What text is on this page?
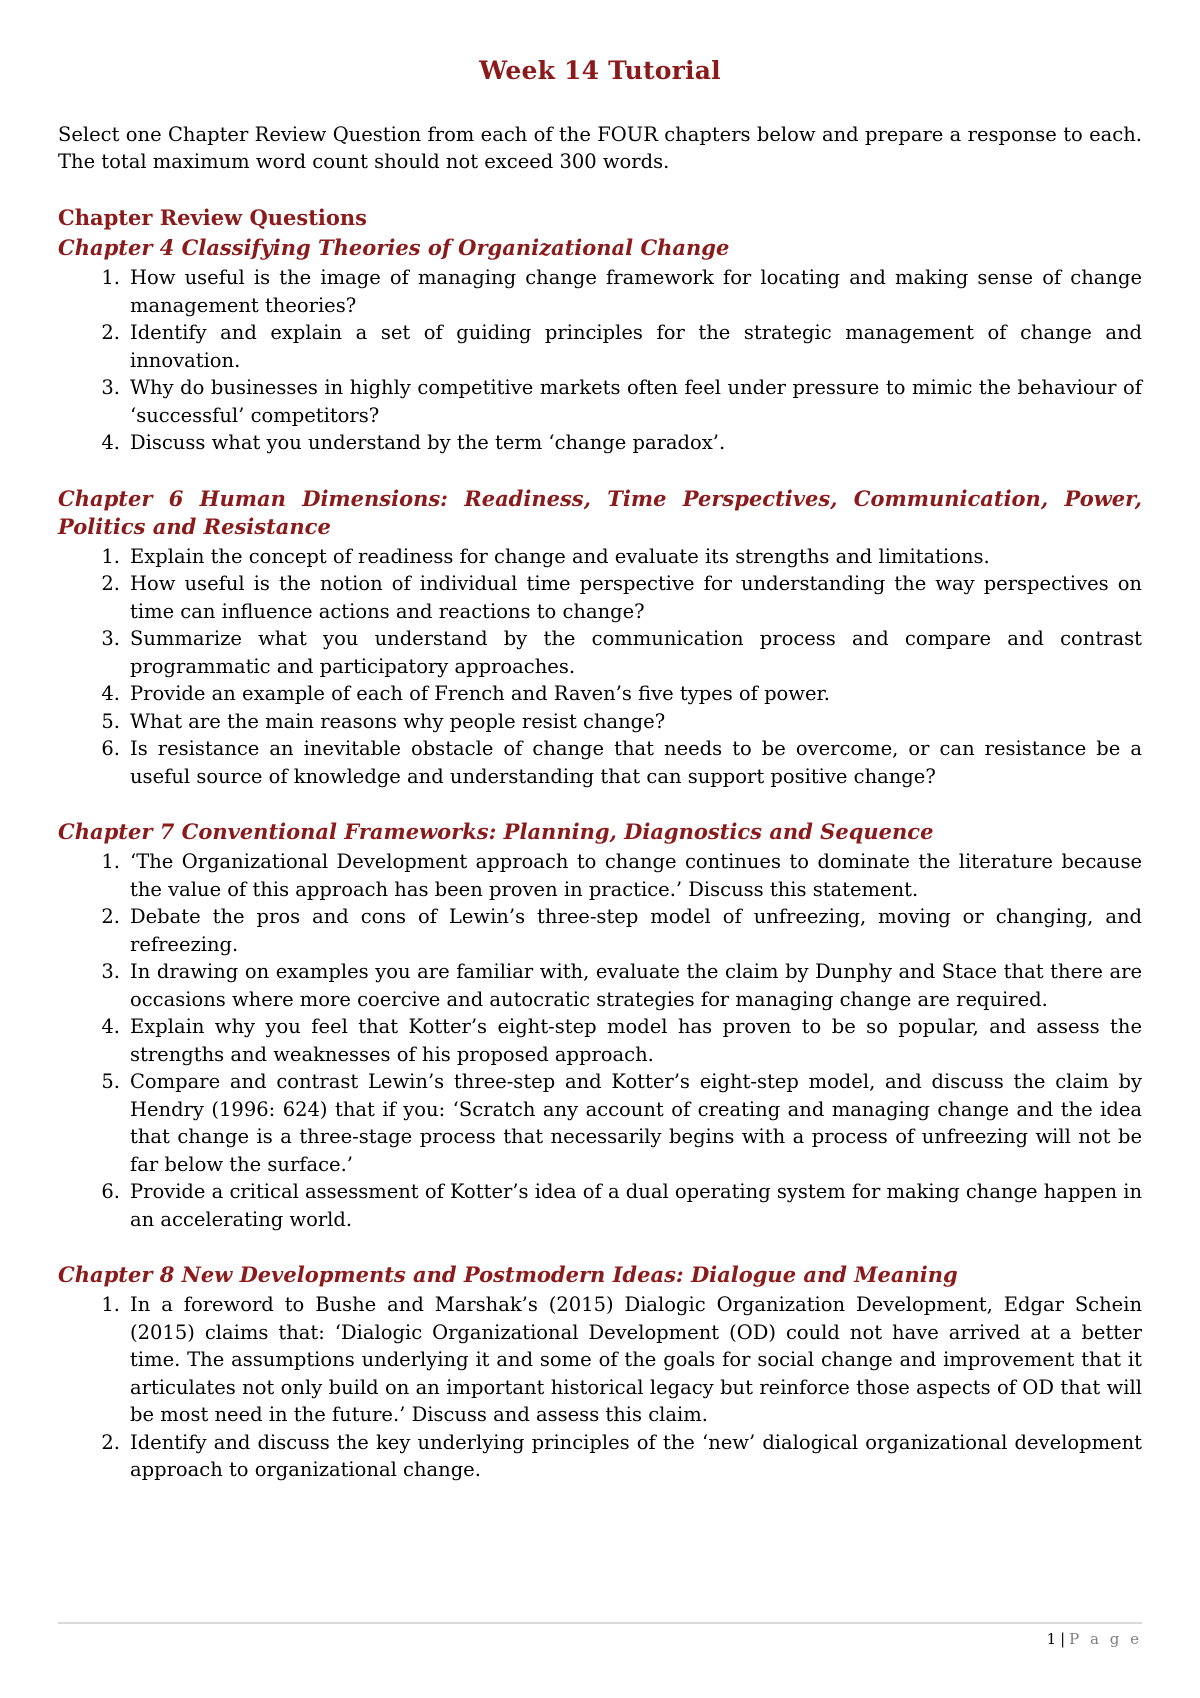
Week 14 Tutorial
Select one Chapter Review Question from each of the FOUR chapters below and prepare a response to each. The total maximum word count should not exceed 300 words.
Chapter Review Questions
Chapter 4 Classifying Theories of Organizational Change
1. How useful is the image of managing change framework for locating and making sense of change management theories?
2. Identify and explain a set of guiding principles for the strategic management of change and innovation.
3. Why do businesses in highly competitive markets often feel under pressure to mimic the behaviour of ‘successful’ competitors?
4. Discuss what you understand by the term ‘change paradox’.
Chapter 6 Human Dimensions: Readiness, Time Perspectives, Communication, Power, Politics and Resistance
1. Explain the concept of readiness for change and evaluate its strengths and limitations.
2. How useful is the notion of individual time perspective for understanding the way perspectives on time can influence actions and reactions to change?
3. Summarize what you understand by the communication process and compare and contrast programmatic and participatory approaches.
4. Provide an example of each of French and Raven’s five types of power.
5. What are the main reasons why people resist change?
6. Is resistance an inevitable obstacle of change that needs to be overcome, or can resistance be a useful source of knowledge and understanding that can support positive change?
Chapter 7 Conventional Frameworks: Planning, Diagnostics and Sequence
1. ‘The Organizational Development approach to change continues to dominate the literature because the value of this approach has been proven in practice.’ Discuss this statement.
2. Debate the pros and cons of Lewin’s three-step model of unfreezing, moving or changing, and refreezing.
3. In drawing on examples you are familiar with, evaluate the claim by Dunphy and Stace that there are occasions where more coercive and autocratic strategies for managing change are required.
4. Explain why you feel that Kotter’s eight-step model has proven to be so popular, and assess the strengths and weaknesses of his proposed approach.
5. Compare and contrast Lewin’s three-step and Kotter’s eight-step model, and discuss the claim by Hendry (1996: 624) that if you: ‘Scratch any account of creating and managing change and the idea that change is a three-stage process that necessarily begins with a process of unfreezing will not be far below the surface.’
6. Provide a critical assessment of Kotter’s idea of a dual operating system for making change happen in an accelerating world.
Chapter 8 New Developments and Postmodern Ideas: Dialogue and Meaning
1. In a foreword to Bushe and Marshak’s (2015) Dialogic Organization Development, Edgar Schein (2015) claims that: ‘Dialogic Organizational Development (OD) could not have arrived at a better time. The assumptions underlying it and some of the goals for social change and improvement that it articulates not only build on an important historical legacy but reinforce those aspects of OD that will be most need in the future.’ Discuss and assess this claim.
2. Identify and discuss the key underlying principles of the ‘new’ dialogical organizational development approach to organizational change.
1 | P a g e
